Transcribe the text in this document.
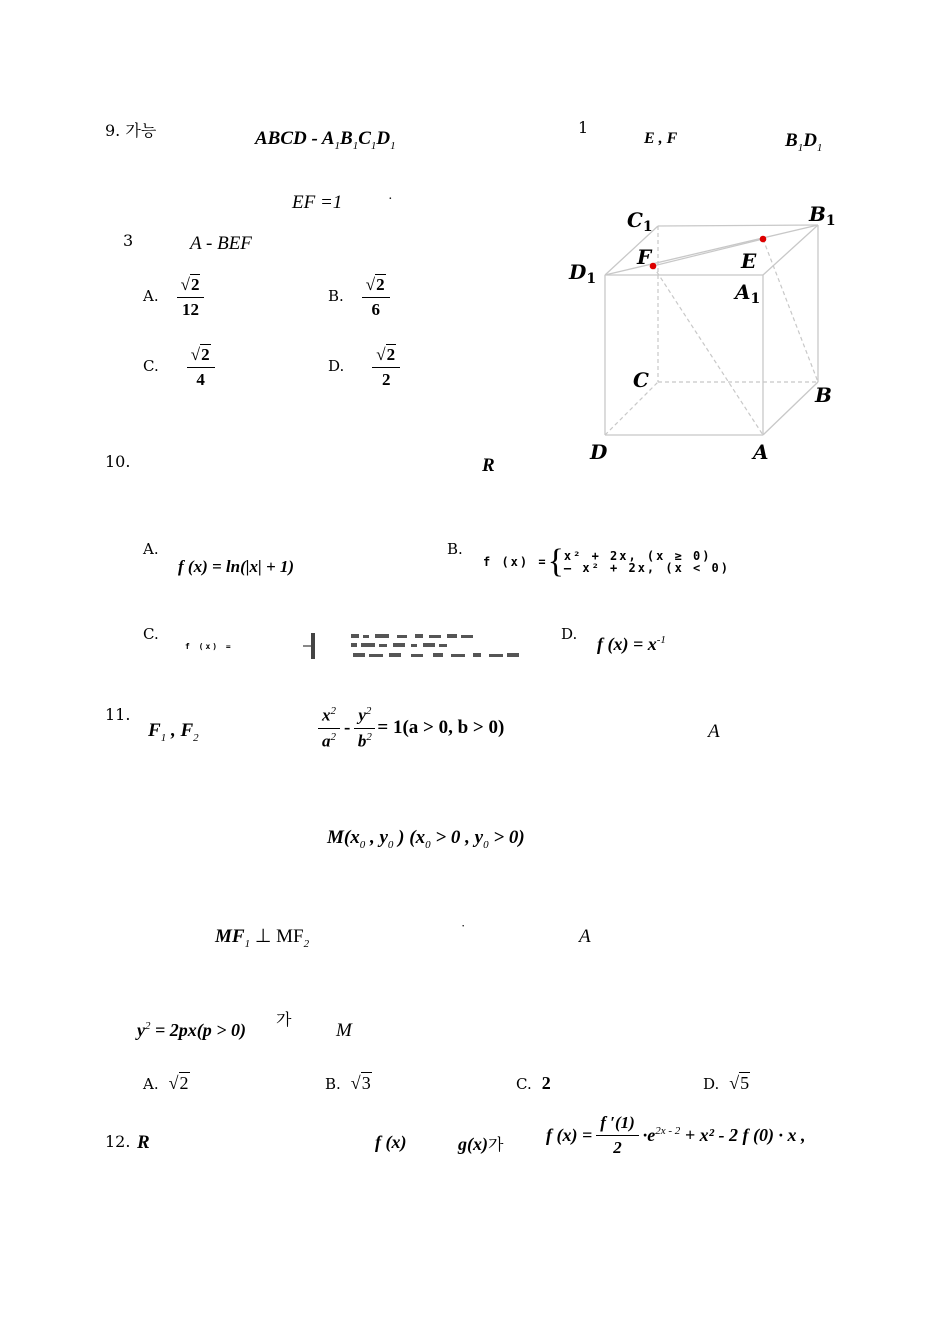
9. 가능	ABCD - $A_1B_1C_1D_1$
1
E , F	$B_1D_1$
EF =1	·
3	A - BEF
A. $\frac{√2}{12}$	B. $\frac{√2}{6}$
C. $\frac{√2}{4}$	D. $\frac{√2}{2}$
$C_1$
$B_1$
$D_1$
$A_1$
F	E
C
B
D	A
10.	R
A.
f (x) = ln(|x| + 1)
B.
f (x) = { x² + 2x, (x ≥ 0)
– x² + 2x, (x < 0)
C.
f (x) =
D. f $(x) = x^{-1}$
11.
$F_1$ , $F_2$	$\frac{x^2}{a^2} - \frac{y^2}{b^2} = 1(a > 0$, b > 0)	A
$M(x_0$ , $y_0$ ) ($x_0 > 0$ , $y_0 > 0$)
$MF_1$ ⊥ $MF_2$
·
A
$y^2 = 2px(p > 0)$
가
M
A. √2	B. √3	C. 2	D. √5
12. R	f (x)	g(x)가 f $(x) = \frac{f '(1)}{2} \cdot e^{2x - 2} + x^2 - 2$ f (0) · x ,
